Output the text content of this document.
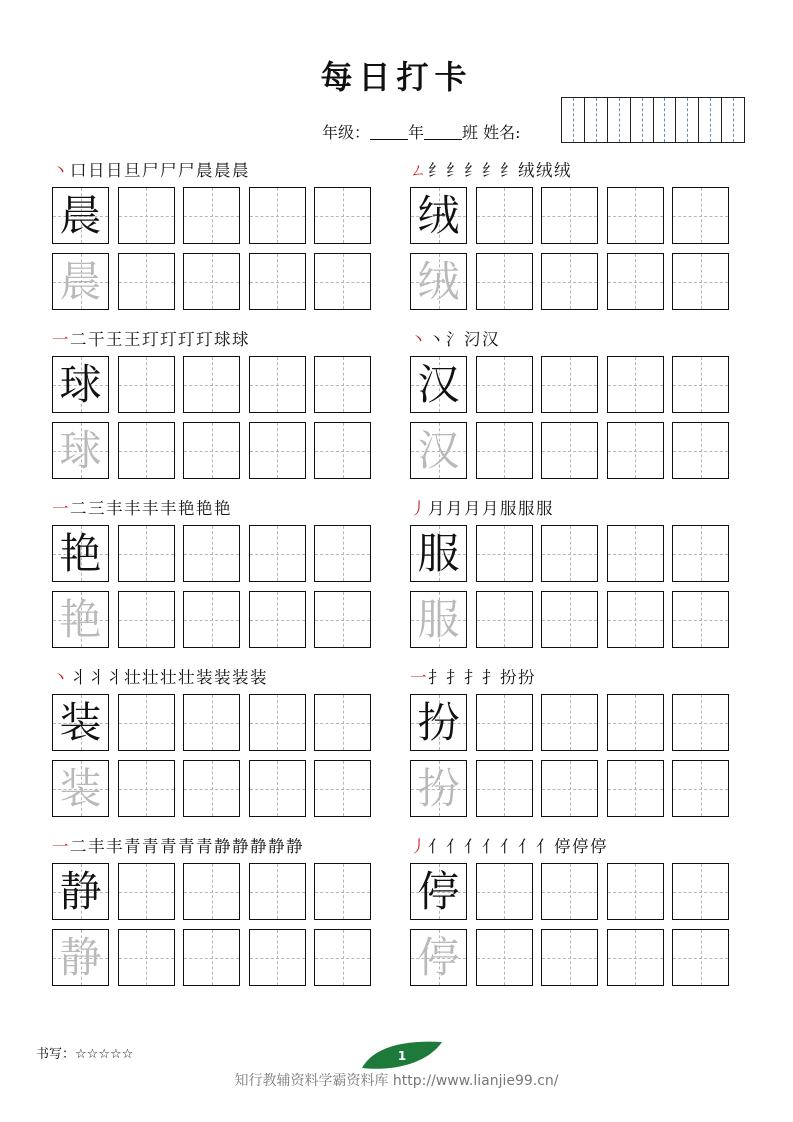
每日打卡
年级： 年 班 姓名:
丶口日日旦尸尸尸晨晨晨
晨
晨
ㄥ纟纟纟纟纟绒绒绒
绒
绒
一二干王王玎玎玎玎球球
球
球
丶丶氵汈汉
汉
汉
一二三丰丰丰丰艳艳艳
艳
艳
丿月月月月服服服
服
服
丶丬丬丬壮壮壮壮装装装装
装
装
一扌扌扌扌扮扮
扮
扮
一二丰丰青青青青青静静静静静
静
静
丿亻亻亻亻亻亻亻停停停
停
停
书写：☆☆☆☆☆	1
知行教辅资料学霸资料库 http://www.lianjie99.cn/
